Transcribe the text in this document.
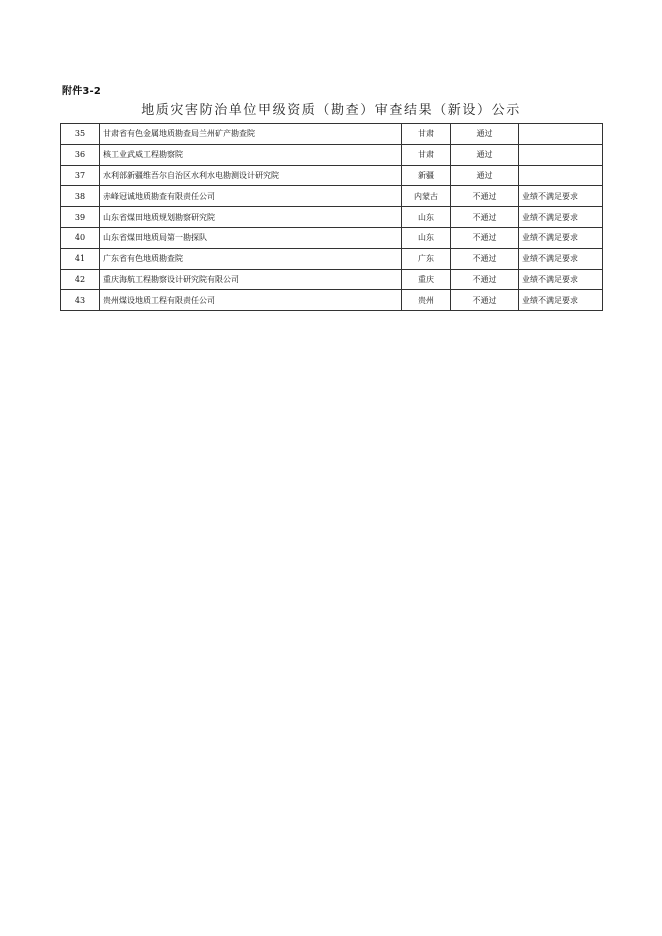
附件3-2
地质灾害防治单位甲级资质（勘查）审查结果（新设）公示
35	甘肃省有色金属地质勘查局兰州矿产勘查院	甘肃	通过	
36	核工业武威工程勘察院	甘肃	通过	
37	水利部新疆维吾尔自治区水利水电勘测设计研究院	新疆	通过	
38	赤峰冠诚地质勘查有限责任公司	内蒙古	不通过	业绩不满足要求
39	山东省煤田地质规划勘察研究院	山东	不通过	业绩不满足要求
40	山东省煤田地质局第一勘探队	山东	不通过	业绩不满足要求
41	广东省有色地质勘查院	广东	不通过	业绩不满足要求
42	重庆海航工程勘察设计研究院有限公司	重庆	不通过	业绩不满足要求
43	贵州煤设地质工程有限责任公司	贵州	不通过	业绩不满足要求
